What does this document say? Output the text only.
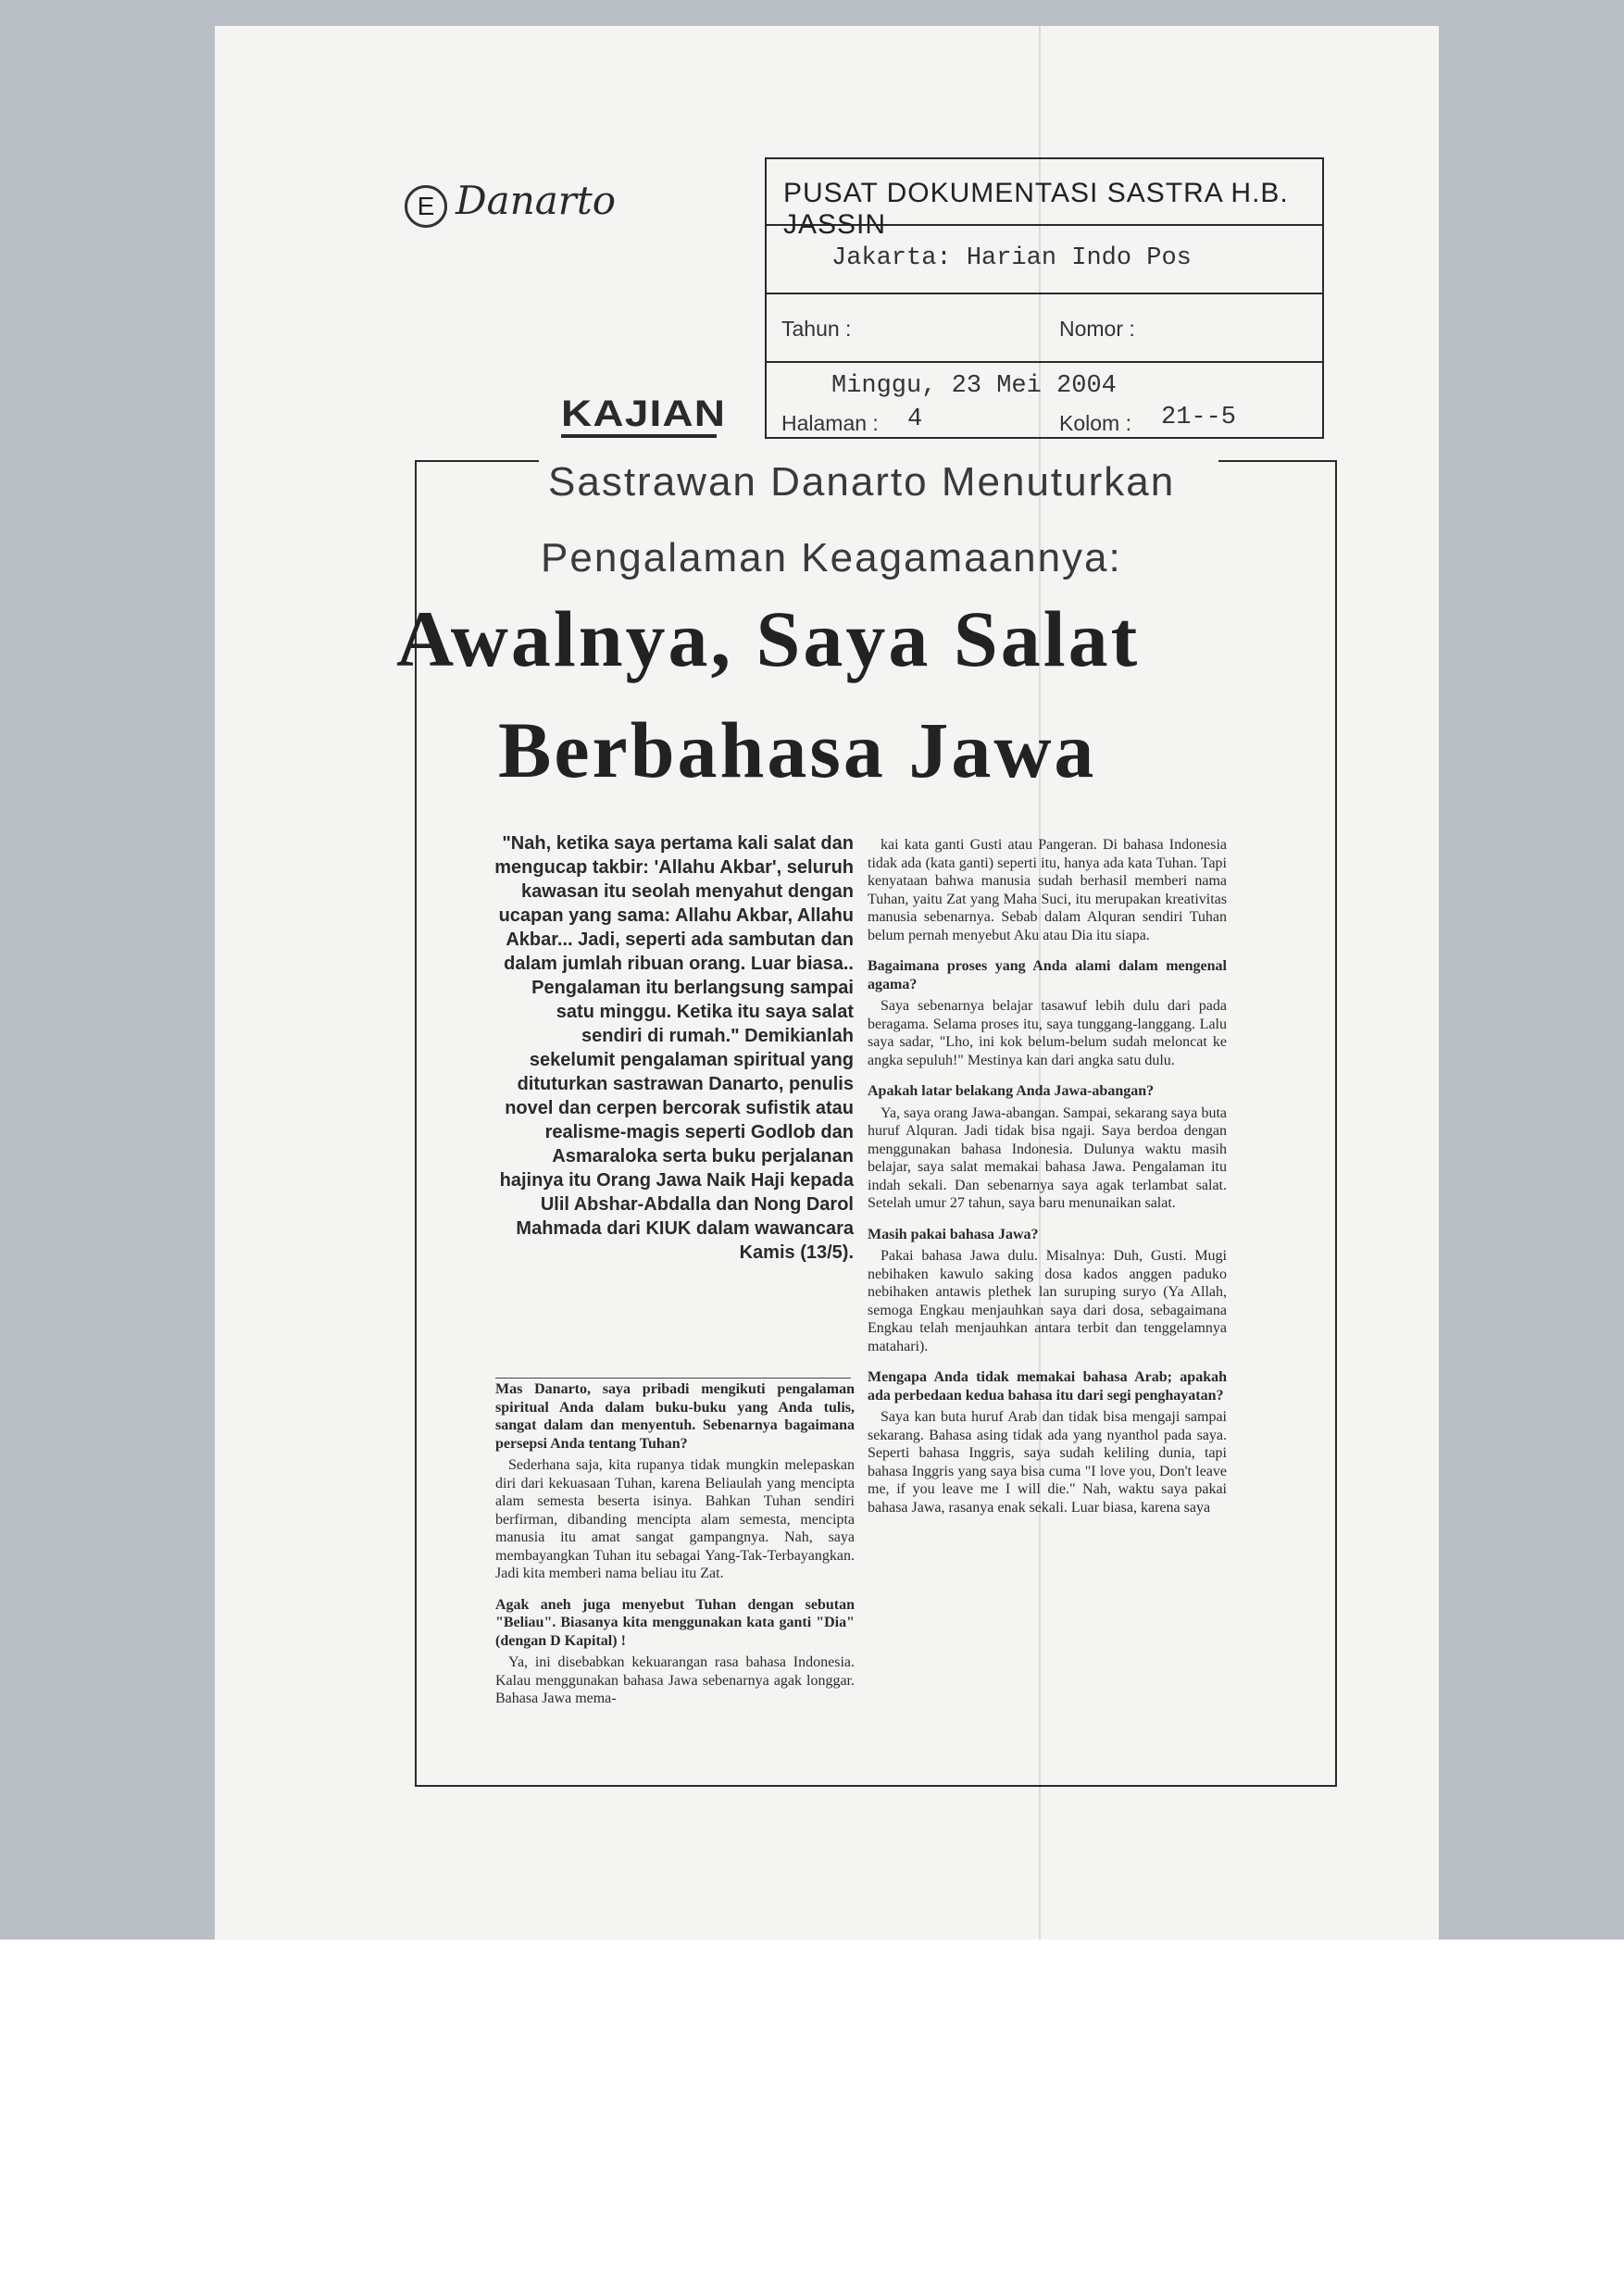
E Danarto	PUSAT DOKUMENTASI SASTRA H.B. JASSIN
Jakarta: Harian Indo Pos
Tahun :	Nomor :
Minggu, 23 Mei 2004
Halaman : 4	Kolom : 21--5
KAJIAN
Sastrawan Danarto Menuturkan
Pengalaman Keagamaannya:
Awalnya, Saya Salat
Berbahasa Jawa
"Nah, ketika saya pertama kali salat dan mengucap takbir: 'Allahu Akbar', seluruh kawasan itu seolah menyahut dengan ucapan yang sama: Allahu Akbar, Allahu Akbar... Jadi, seperti ada sambutan dan dalam jumlah ribuan orang. Luar biasa.. Pengalaman itu berlangsung sampai satu minggu. Ketika itu saya salat sendiri di rumah." Demikianlah sekelumit pengalaman spiritual yang dituturkan sastrawan Danarto, penulis novel dan cerpen bercorak sufistik atau realisme-magis seperti Godlob dan Asmaraloka serta buku perjalanan hajinya itu Orang Jawa Naik Haji kepada Ulil Abshar-Abdalla dan Nong Darol Mahmada dari KIUK dalam wawancara Kamis (13/5).

Mas Danarto, saya pribadi mengikuti pengalaman spiritual Anda dalam buku-buku yang Anda tulis, sangat dalam dan menyentuh. Sebenarnya bagaimana persepsi Anda tentang Tuhan?

Sederhana saja, kita rupanya tidak mungkin melepaskan diri dari kekuasaan Tuhan, karena Beliaulah yang mencipta alam semesta beserta isinya. Bahkan Tuhan sendiri berfirman, dibanding mencipta alam semesta, mencipta manusia itu amat sangat gampangnya. Nah, saya membayangkan Tuhan itu sebagai Yang-Tak-Terbayangkan. Jadi kita memberi nama beliau itu Zat.

Agak aneh juga menyebut Tuhan dengan sebutan "Beliau". Biasanya kita menggunakan kata ganti "Dia" (dengan D Kapital) !

Ya, ini disebabkan kekuarangan rasa bahasa Indonesia. Kalau menggunakan bahasa Jawa sebenarnya agak longgar. Bahasa Jawa mema-

kai kata ganti Gusti atau Pangeran. Di bahasa Indonesia tidak ada (kata ganti) seperti itu, hanya ada kata Tuhan. Tapi kenyataan bahwa manusia sudah berhasil memberi nama Tuhan, yaitu Zat yang Maha Suci, itu merupakan kreativitas manusia sebenarnya. Sebab dalam Alquran sendiri Tuhan belum pernah menyebut Aku atau Dia itu siapa.

Bagaimana proses yang Anda alami dalam mengenal agama?

Saya sebenarnya belajar tasawuf lebih dulu dari pada beragama. Selama proses itu, saya tunggang-langgang. Lalu saya sadar, "Lho, ini kok belum-belum sudah meloncat ke angka sepuluh!" Mestinya kan dari angka satu dulu.

Apakah latar belakang Anda Jawa-abangan?

Ya, saya orang Jawa-abangan. Sampai, sekarang saya buta huruf Alquran. Jadi tidak bisa ngaji. Saya berdoa dengan menggunakan bahasa Indonesia. Dulunya waktu masih belajar, saya salat memakai bahasa Jawa. Pengalaman itu indah sekali. Dan sebenarnya saya agak terlambat salat. Setelah umur 27 tahun, saya baru menunaikan salat.

Masih pakai bahasa Jawa?

Pakai bahasa Jawa dulu. Misalnya: Duh, Gusti. Mugi nebihaken kawulo saking dosa kados anggen paduko nebihaken antawis plethek lan suruping suryo (Ya Allah, semoga Engkau menjauhkan saya dari dosa, sebagaimana Engkau telah menjauhkan antara terbit dan tenggelamnya matahari).

Mengapa Anda tidak memakai bahasa Arab; apakah ada perbedaan kedua bahasa itu dari segi penghayatan?

Saya kan buta huruf Arab dan tidak bisa mengaji sampai sekarang. Bahasa asing tidak ada yang nyanthol pada saya. Seperti bahasa Inggris, saya sudah keliling dunia, tapi bahasa Inggris yang saya bisa cuma "I love you, Don't leave me, if you leave me I will die." Nah, waktu saya pakai bahasa Jawa, rasanya enak sekali. Luar biasa, karena saya
